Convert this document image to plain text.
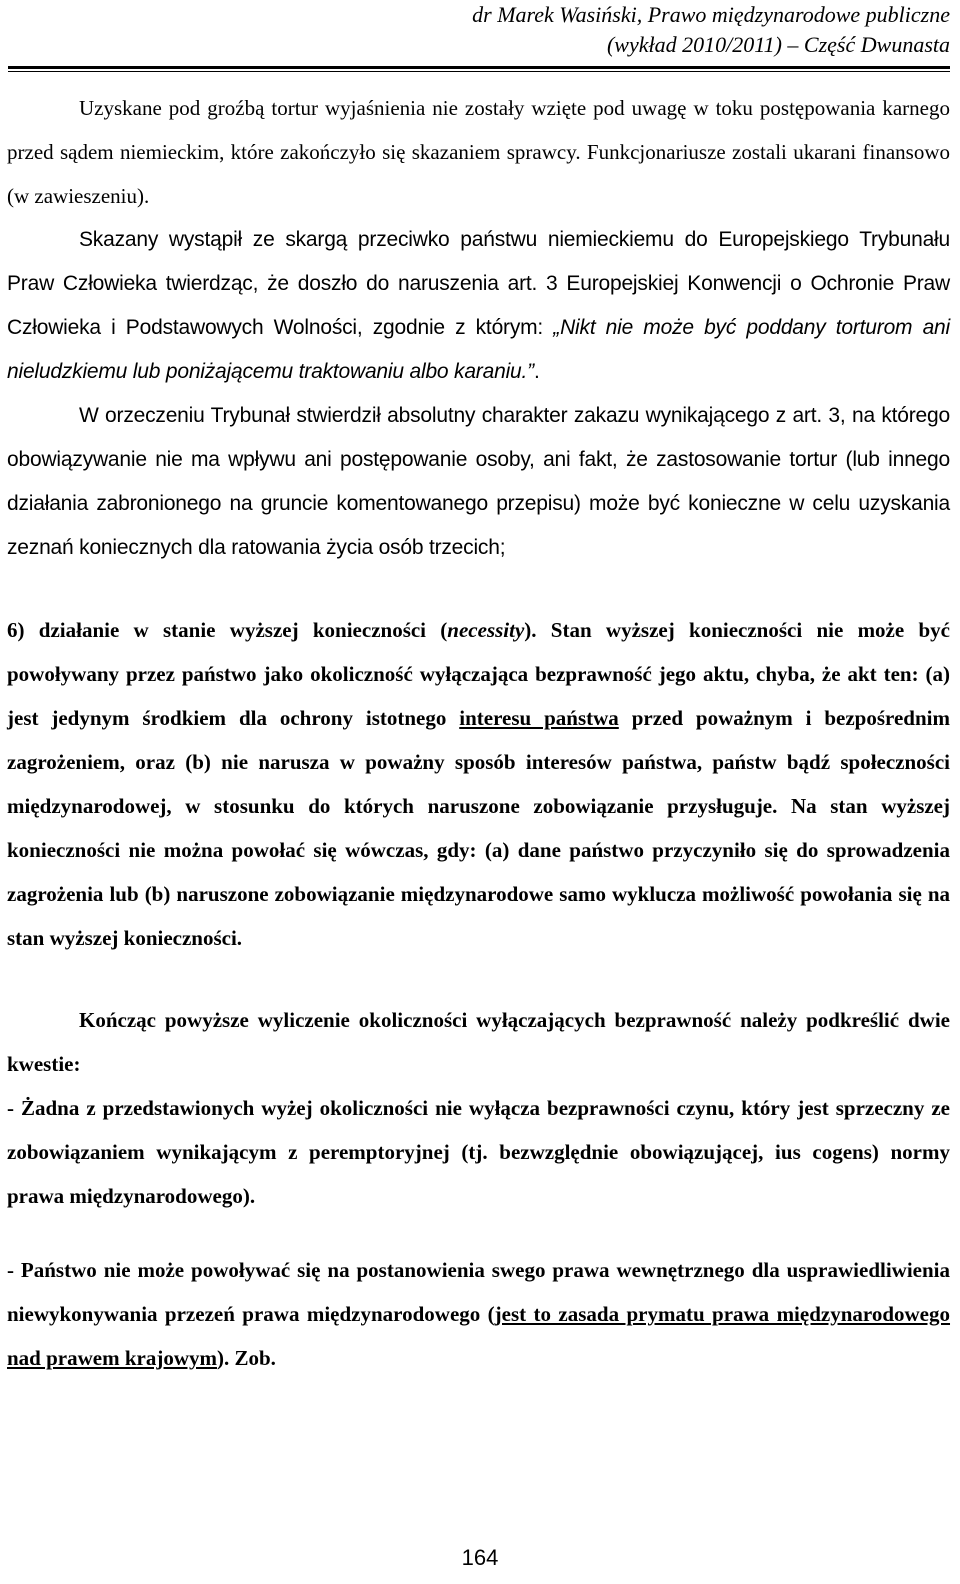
dr Marek Wasiński, Prawo międzynarodowe publiczne
(wykład 2010/2011) – Część Dwunasta

Uzyskane pod groźbą tortur wyjaśnienia nie zostały wzięte pod uwagę w toku postępowania karnego przed sądem niemieckim, które zakończyło się skazaniem sprawcy. Funkcjonariusze zostali ukarani finansowo (w zawieszeniu).

Skazany wystąpił ze skargą przeciwko państwu niemieckiemu do Europejskiego Trybunału Praw Człowieka twierdząc, że doszło do naruszenia art. 3 Europejskiej Konwencji o Ochronie Praw Człowieka i Podstawowych Wolności, zgodnie z którym: „Nikt nie może być poddany torturom ani nieludzkiemu lub poniżającemu traktowaniu albo karaniu.”.

W orzeczeniu Trybunał stwierdził absolutny charakter zakazu wynikającego z art. 3, na którego obowiązywanie nie ma wpływu ani postępowanie osoby, ani fakt, że zastosowanie tortur (lub innego działania zabronionego na gruncie komentowanego przepisu) może być konieczne w celu uzyskania zeznań koniecznych dla ratowania życia osób trzecich;

6) działanie w stanie wyższej konieczności (necessity). Stan wyższej konieczności nie może być powoływany przez państwo jako okoliczność wyłączająca bezprawność jego aktu, chyba, że akt ten: (a) jest jedynym środkiem dla ochrony istotnego interesu państwa przed poważnym i bezpośrednim zagrożeniem, oraz (b) nie narusza w poważny sposób interesów państwa, państw bądź społeczności międzynarodowej, w stosunku do których naruszone zobowiązanie przysługuje. Na stan wyższej konieczności nie można powołać się wówczas, gdy: (a) dane państwo przyczyniło się do sprowadzenia zagrożenia lub (b) naruszone zobowiązanie międzynarodowe samo wyklucza możliwość powołania się na stan wyższej konieczności.

Kończąc powyższe wyliczenie okoliczności wyłączających bezprawność należy podkreślić dwie kwestie:

- Żadna z przedstawionych wyżej okoliczności nie wyłącza bezprawności czynu, który jest sprzeczny ze zobowiązaniem wynikającym z peremptoryjnej (tj. bezwzględnie obowiązującej, ius cogens) normy prawa międzynarodowego).

- Państwo nie może powoływać się na postanowienia swego prawa wewnętrznego dla usprawiedliwienia niewykonywania przezeń prawa międzynarodowego (jest to zasada prymatu prawa międzynarodowego nad prawem krajowym). Zob.

164
